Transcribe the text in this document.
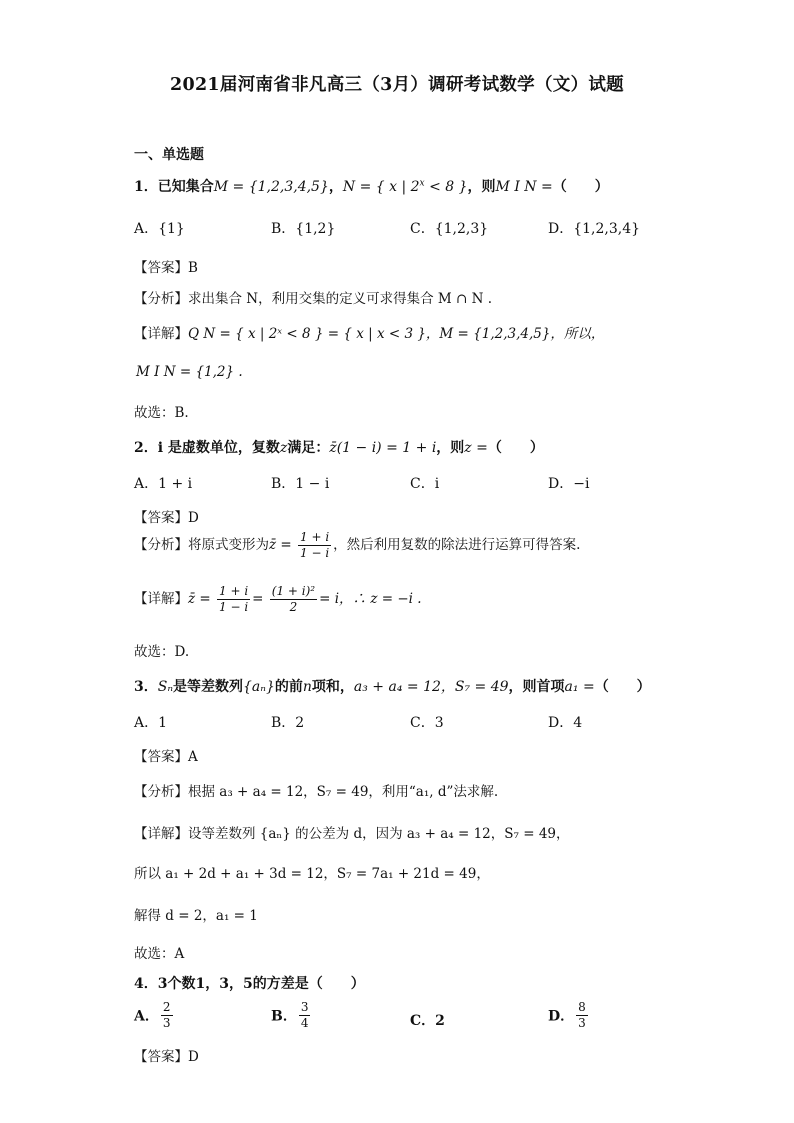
2021届河南省非凡高三（3月）调研考试数学（文）试题
一、单选题
1．已知集合M = {1,2,3,4,5}，N = { x | $2^x < 8$ }，则M I N =（　　）
A．{1}	B．{1,2}	C．{1,2,3}	D．{1,2,3,4}
【答案】B
【分析】求出集合 N，利用交集的定义可求得集合 M ∩ N .
【详解】Q N = { x | 2ˣ < 8 } = { x | x < 3 }，M = {1,2,3,4,5}，所以，
M I N = {1,2} .
故选：B.
2．i 是虚数单位，复数z满足：z̄(1 − i) = 1 + i，则z =（　　）
A．1 + i	B．1 − i	C．i	D．−i
【答案】D
【分析】将原式变形为z̄ = $\frac{1 + i}{1 - i}$ ，然后利用复数的除法进行运算可得答案.
【详解】z̄ = $\frac{1 + i}{1 - i} = \frac{\text{(1 + i)²}}{2} = i$，∴ z = −i .
故选：D.
3．Sₙ是等差数列{aₙ}的前n项和，a₃ + a₄ = 12，S₇ = 49，则首项a₁ =（　　）
A．1	B．2	C．3	D．4
【答案】A
【分析】根据 a₃ + a₄ = 12，S₇ = 49，利用“a₁, d”法求解.
【详解】设等差数列 {aₙ} 的公差为 d，因为 a₃ + a₄ = 12，S₇ = 49，
所以 a₁ + 2d + a₁ + 3d = 12，S₇ = 7a₁ + 21d = 49，
解得 d = 2，a₁ = 1
故选：A
4．3个数1，3，5的方差是（　　）
A． $\frac{2}{3}$	B． $\frac{3}{4}$	C．2	D． $\frac{8}{3}$
【答案】D
